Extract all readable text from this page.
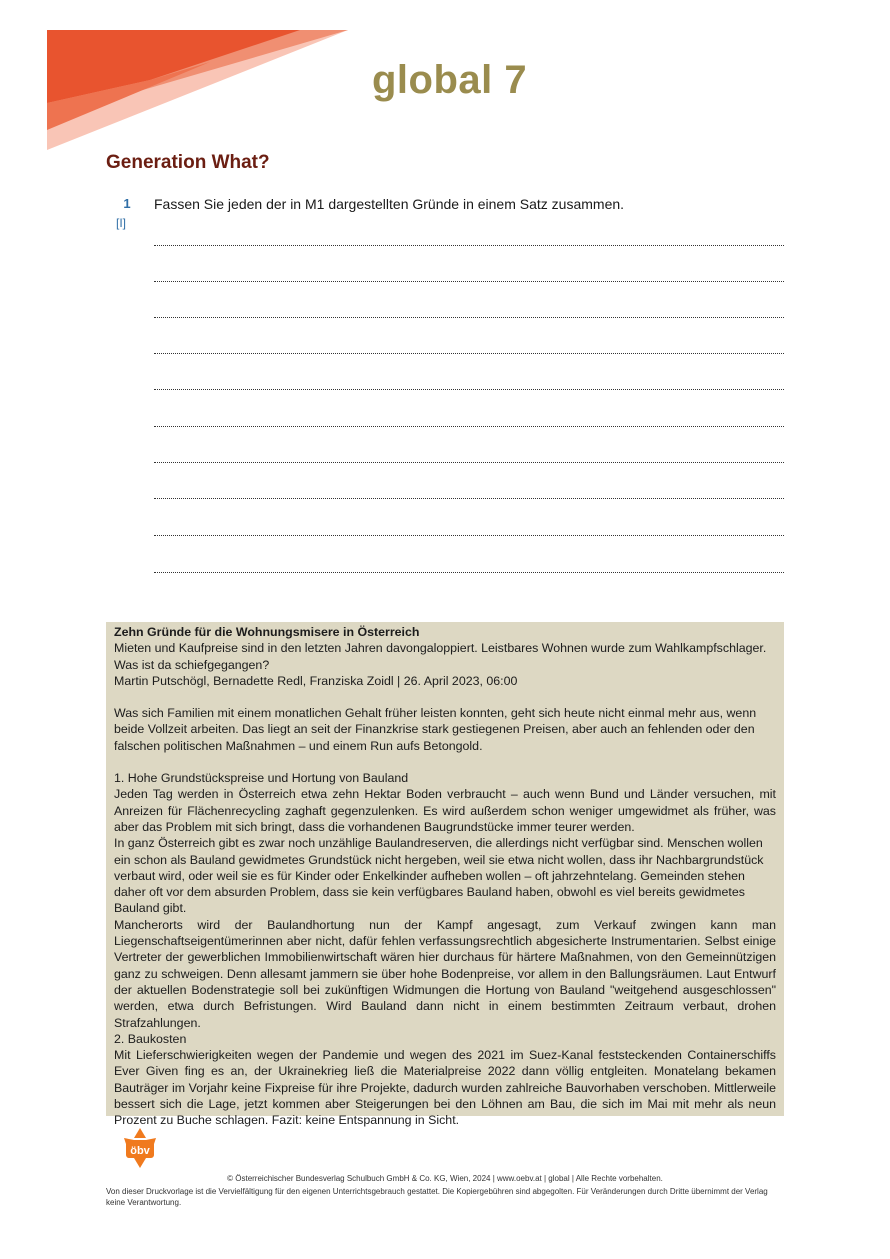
global 7
Generation What?
1
[I]
Fassen Sie jeden der in M1 dargestellten Gründe in einem Satz zusammen.

Zehn Gründe für die Wohnungsmisere in Österreich

Mieten und Kaufpreise sind in den letzten Jahren davongaloppiert. Leistbares Wohnen wurde zum Wahlkampfschlager. Was ist da schiefgegangen?

Martin Putschögl, Bernadette Redl, Franziska Zoidl | 26. April 2023, 06:00

Was sich Familien mit einem monatlichen Gehalt früher leisten konnten, geht sich heute nicht einmal mehr aus, wenn beide Vollzeit arbeiten. Das liegt an seit der Finanzkrise stark gestiegenen Preisen, aber auch an fehlenden oder den falschen politischen Maßnahmen – und einem Run aufs Betongold.

1. Hohe Grundstückspreise und Hortung von Bauland

Jeden Tag werden in Österreich etwa zehn Hektar Boden verbraucht – auch wenn Bund und Länder versuchen, mit Anreizen für Flächenrecycling zaghaft gegenzulenken. Es wird außerdem schon weniger umgewidmet als früher, was aber das Problem mit sich bringt, dass die vorhandenen Baugrundstücke immer teurer werden.

In ganz Österreich gibt es zwar noch unzählige Baulandreserven, die allerdings nicht verfügbar sind. Menschen wollen ein schon als Bauland gewidmetes Grundstück nicht hergeben, weil sie etwa nicht wollen, dass ihr Nachbargrundstück verbaut wird, oder weil sie es für Kinder oder Enkelkinder aufheben wollen – oft jahrzehntelang. Gemeinden stehen daher oft vor dem absurden Problem, dass sie kein verfügbares Bauland haben, obwohl es viel bereits gewidmetes Bauland gibt.

Mancherorts wird der Baulandhortung nun der Kampf angesagt, zum Verkauf zwingen kann man Liegenschaftseigentümerinnen aber nicht, dafür fehlen verfassungsrechtlich abgesicherte Instrumentarien. Selbst einige Vertreter der gewerblichen Immobilienwirtschaft wären hier durchaus für härtere Maßnahmen, von den Gemeinnützigen ganz zu schweigen. Denn allesamt jammern sie über hohe Bodenpreise, vor allem in den Ballungsräumen. Laut Entwurf der aktuellen Bodenstrategie soll bei zukünftigen Widmungen die Hortung von Bauland "weitgehend ausgeschlossen" werden, etwa durch Befristungen. Wird Bauland dann nicht in einem bestimmten Zeitraum verbaut, drohen Strafzahlungen.

2. Baukosten

Mit Lieferschwierigkeiten wegen der Pandemie und wegen des 2021 im Suez-Kanal feststeckenden Containerschiffs Ever Given fing es an, der Ukrainekrieg ließ die Materialpreise 2022 dann völlig entgleiten. Monatelang bekamen Bauträger im Vorjahr keine Fixpreise für ihre Projekte, dadurch wurden zahlreiche Bauvorhaben verschoben. Mittlerweile bessert sich die Lage, jetzt kommen aber Steigerungen bei den Löhnen am Bau, die sich im Mai mit mehr als neun Prozent zu Buche schlagen. Fazit: keine Entspannung in Sicht.

öbv
© Österreichischer Bundesverlag Schulbuch GmbH & Co. KG, Wien, 2024 | www.oebv.at | global | Alle Rechte vorbehalten.
Von dieser Druckvorlage ist die Vervielfältigung für den eigenen Unterrichtsgebrauch gestattet. Die Kopiergebühren sind abgegolten. Für Veränderungen durch Dritte übernimmt der Verlag keine Verantwortung.
